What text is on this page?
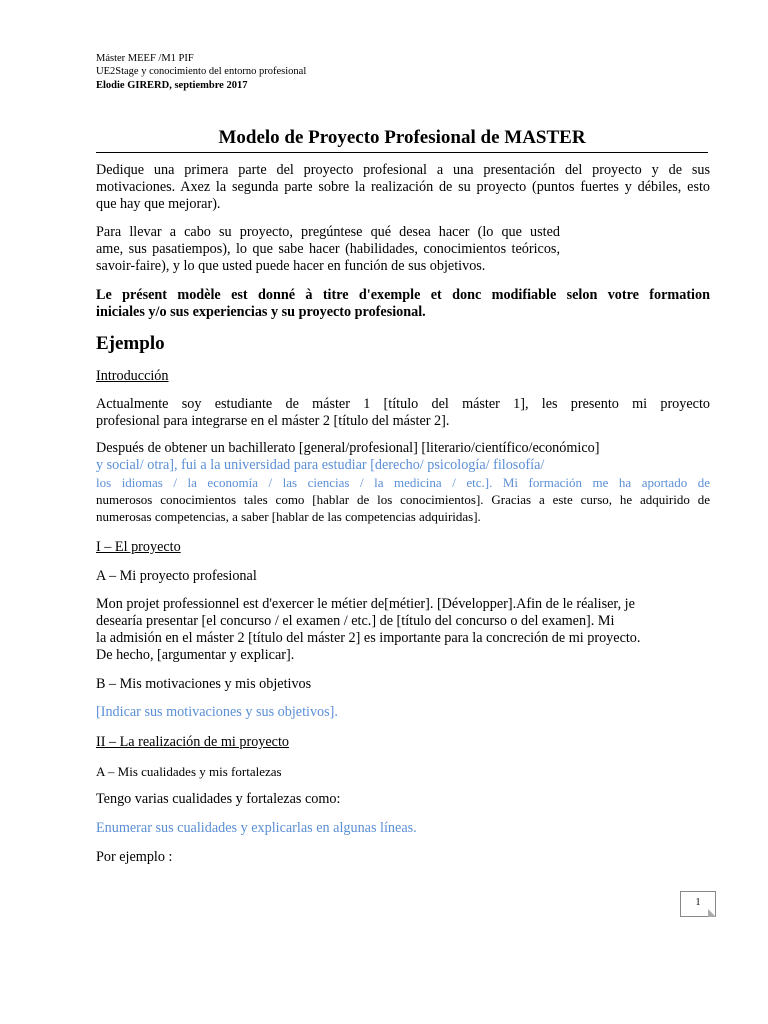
Máster MEEF /M1 PIF
UE2Stage y conocimiento del entorno profesional
Elodie GIRERD, septiembre 2017
Modelo de Proyecto Profesional de MASTER
Dedique una primera parte del proyecto profesional a una presentación del proyecto y de sus
motivaciones. Axez la segunda parte sobre la realización de su proyecto (puntos fuertes y débiles, esto
que hay que mejorar).
Para llevar a cabo su proyecto, pregúntese qué desea hacer (lo que usted
ame, sus pasatiempos), lo que sabe hacer (habilidades, conocimientos teóricos,
savoir-faire), y lo que usted puede hacer en función de sus objetivos.
Le présent modèle est donné à titre d'exemple et donc modifiable selon votre formation
iniciales y/o sus experiencias y su proyecto profesional.
Ejemplo
Introducción
Actualmente soy estudiante de máster 1 [título del máster 1], les presento mi proyecto
profesional para integrarse en el máster 2 [título del máster 2].
Después de obtener un bachillerato [general/profesional] [literario/científico/económico]
y social/ otra], fui a la universidad para estudiar [derecho/ psicología/ filosofía/
los idiomas / la economía / las ciencias / la medicina / etc.]. Mi formación me ha aportado de
numerosos conocimientos tales como [hablar de los conocimientos]. Gracias a este curso, he adquirido de
numerosas competencias, a saber [hablar de las competencias adquiridas].
I – El proyecto
A – Mi proyecto profesional
Mon projet professionnel est d'exercer le métier de[métier]. [Développer].Afin de le réaliser, je
desearía presentar [el concurso / el examen / etc.] de [título del concurso o del examen]. Mi
la admisión en el máster 2 [título del máster 2] es importante para la concreción de mi proyecto.
De hecho, [argumentar y explicar].
B – Mis motivaciones y mis objetivos
[Indicar sus motivaciones y sus objetivos].
II – La realización de mi proyecto
A – Mis cualidades y mis fortalezas
Tengo varias cualidades y fortalezas como:
Enumerar sus cualidades y explicarlas en algunas líneas.
Por ejemplo :
1
